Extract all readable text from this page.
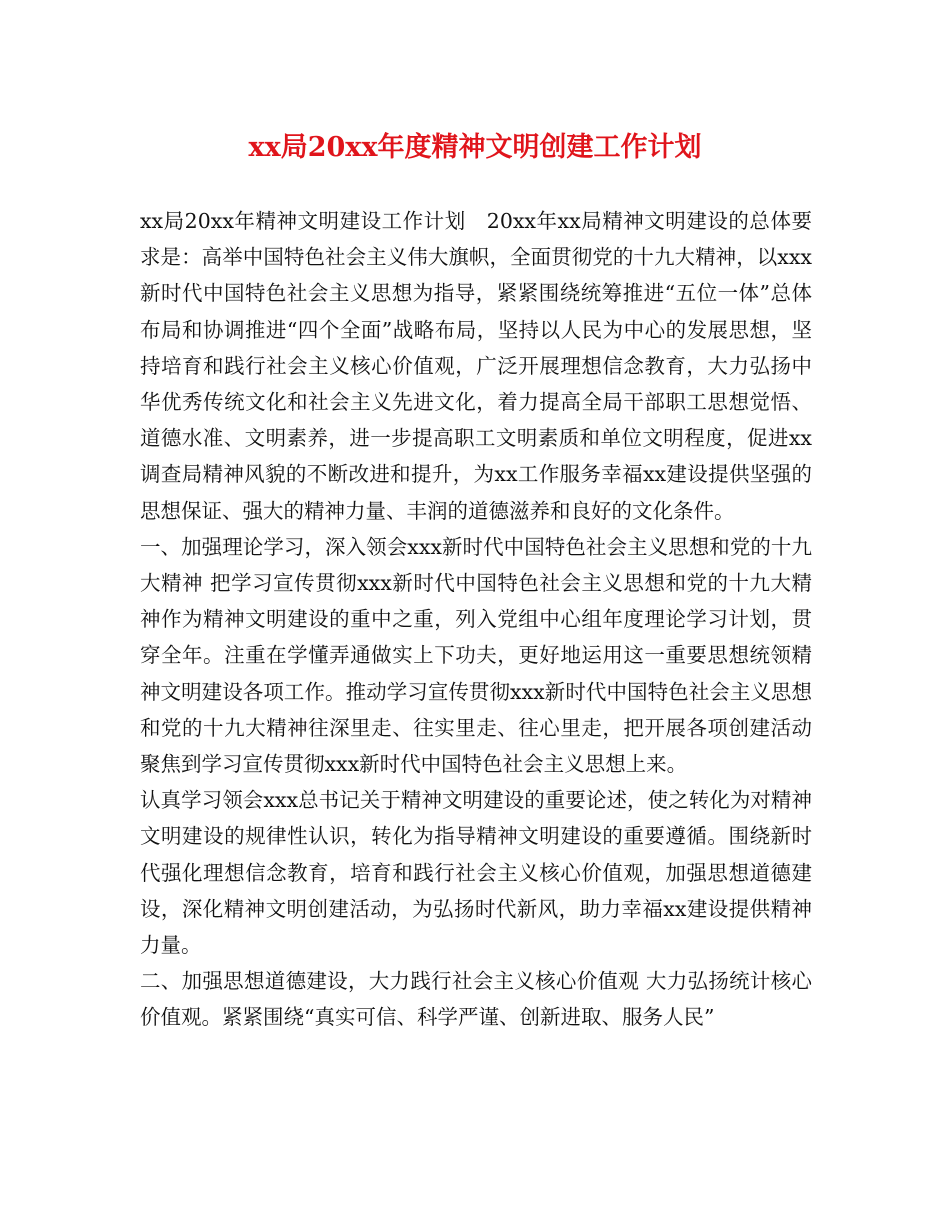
xx局20xx年度精神文明创建工作计划

xx局20xx年精神文明建设工作计划　20xx年xx局精神文明建设的总体要求是：高举中国特色社会主义伟大旗帜，全面贯彻党的十九大精神，以xxx新时代中国特色社会主义思想为指导，紧紧围绕统筹推进“五位一体”总体布局和协调推进“四个全面”战略布局，坚持以人民为中心的发展思想，坚持培育和践行社会主义核心价值观，广泛开展理想信念教育，大力弘扬中华优秀传统文化和社会主义先进文化，着力提高全局干部职工思想觉悟、道德水准、文明素养，进一步提高职工文明素质和单位文明程度，促进xx调查局精神风貌的不断改进和提升，为xx工作服务幸福xx建设提供坚强的思想保证、强大的精神力量、丰润的道德滋养和良好的文化条件。

一、加强理论学习，深入领会xxx新时代中国特色社会主义思想和党的十九大精神 把学习宣传贯彻xxx新时代中国特色社会主义思想和党的十九大精神作为精神文明建设的重中之重，列入党组中心组年度理论学习计划，贯穿全年。注重在学懂弄通做实上下功夫，更好地运用这一重要思想统领精神文明建设各项工作。推动学习宣传贯彻xxx新时代中国特色社会主义思想和党的十九大精神往深里走、往实里走、往心里走，把开展各项创建活动聚焦到学习宣传贯彻xxx新时代中国特色社会主义思想上来。

认真学习领会xxx总书记关于精神文明建设的重要论述，使之转化为对精神文明建设的规律性认识，转化为指导精神文明建设的重要遵循。围绕新时代强化理想信念教育，培育和践行社会主义核心价值观，加强思想道德建设，深化精神文明创建活动，为弘扬时代新风，助力幸福xx建设提供精神力量。

二、加强思想道德建设，大力践行社会主义核心价值观 大力弘扬统计核心价值观。紧紧围绕“真实可信、科学严谨、创新进取、服务人民”
